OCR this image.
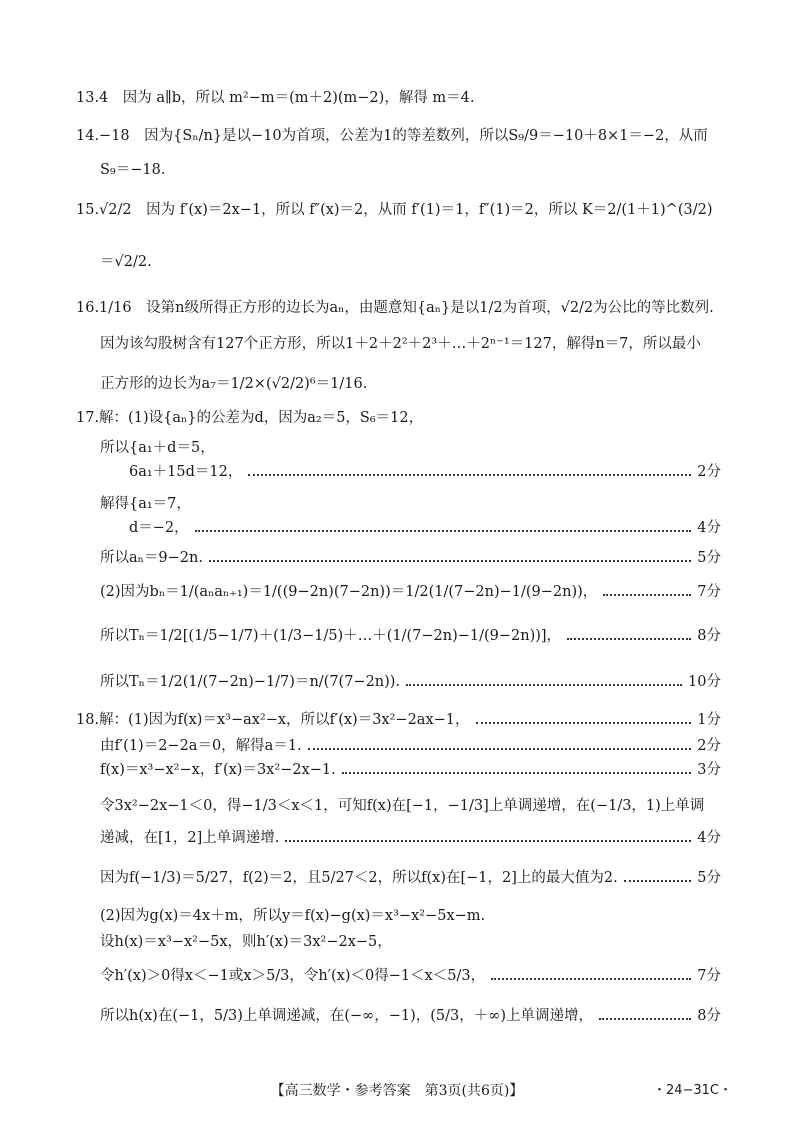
13.4　因为 a∥b，所以 m²−m＝(m＋2)(m−2)，解得 m＝4.
14.−18　因为{Sₙ/n}是以−10为首项，公差为1的等差数列，所以S₉/9＝−10＋8×1＝−2，从而
S₉＝−18.
15.√2/2　因为 f′(x)＝2x−1，所以 f″(x)＝2，从而 f′(1)＝1，f″(1)＝2，所以 K＝2/(1＋1)^(3/2)
＝√2/2.
16.1/16　设第n级所得正方形的边长为aₙ，由题意知{aₙ}是以1/2为首项，√2/2为公比的等比数列.
因为该勾股树含有127个正方形，所以1＋2＋2²＋2³＋…＋2ⁿ⁻¹＝127，解得n＝7，所以最小
正方形的边长为a₇＝1/2×(√2/2)⁶＝1/16.
17.解：(1)设{aₙ}的公差为d，因为a₂＝5，S₆＝12，
所以{a₁＋d＝5，
　　6a₁＋15d＝12，	2分
解得{a₁＝7，
　　d＝−2，	4分
所以aₙ＝9−2n.	5分
(2)因为bₙ＝1/(aₙaₙ₊₁)＝1/((9−2n)(7−2n))＝1/2(1/(7−2n)−1/(9−2n))，	7分
所以Tₙ＝1/2[(1/5−1/7)＋(1/3−1/5)＋…＋(1/(7−2n)−1/(9−2n))]，	8分
所以Tₙ＝1/2(1/(7−2n)−1/7)＝n/(7(7−2n)).	10分
18.解：(1)因为f(x)＝x³−ax²−x，所以f′(x)＝3x²−2ax−1，	1分
由f′(1)＝2−2a＝0，解得a＝1.	2分
f(x)＝x³−x²−x，f′(x)＝3x²−2x−1.	3分
令3x²−2x−1＜0，得−1/3＜x＜1，可知f(x)在[−1，−1/3]上单调递增，在(−1/3，1)上单调
递减，在[1，2]上单调递增.	4分
因为f(−1/3)＝5/27，f(2)＝2，且5/27＜2，所以f(x)在[−1，2]上的最大值为2.	5分
(2)因为g(x)＝4x＋m，所以y＝f(x)−g(x)＝x³−x²−5x−m.
设h(x)＝x³−x²−5x，则h′(x)＝3x²−2x−5，
令h′(x)＞0得x＜−1或x＞5/3，令h′(x)＜0得−1＜x＜5/3，	7分
所以h(x)在(−1，5/3)上单调递减，在(−∞，−1)，(5/3，＋∞)上单调递增，	8分
【高三数学・参考答案　第3页(共6页)】	・24−31C・
